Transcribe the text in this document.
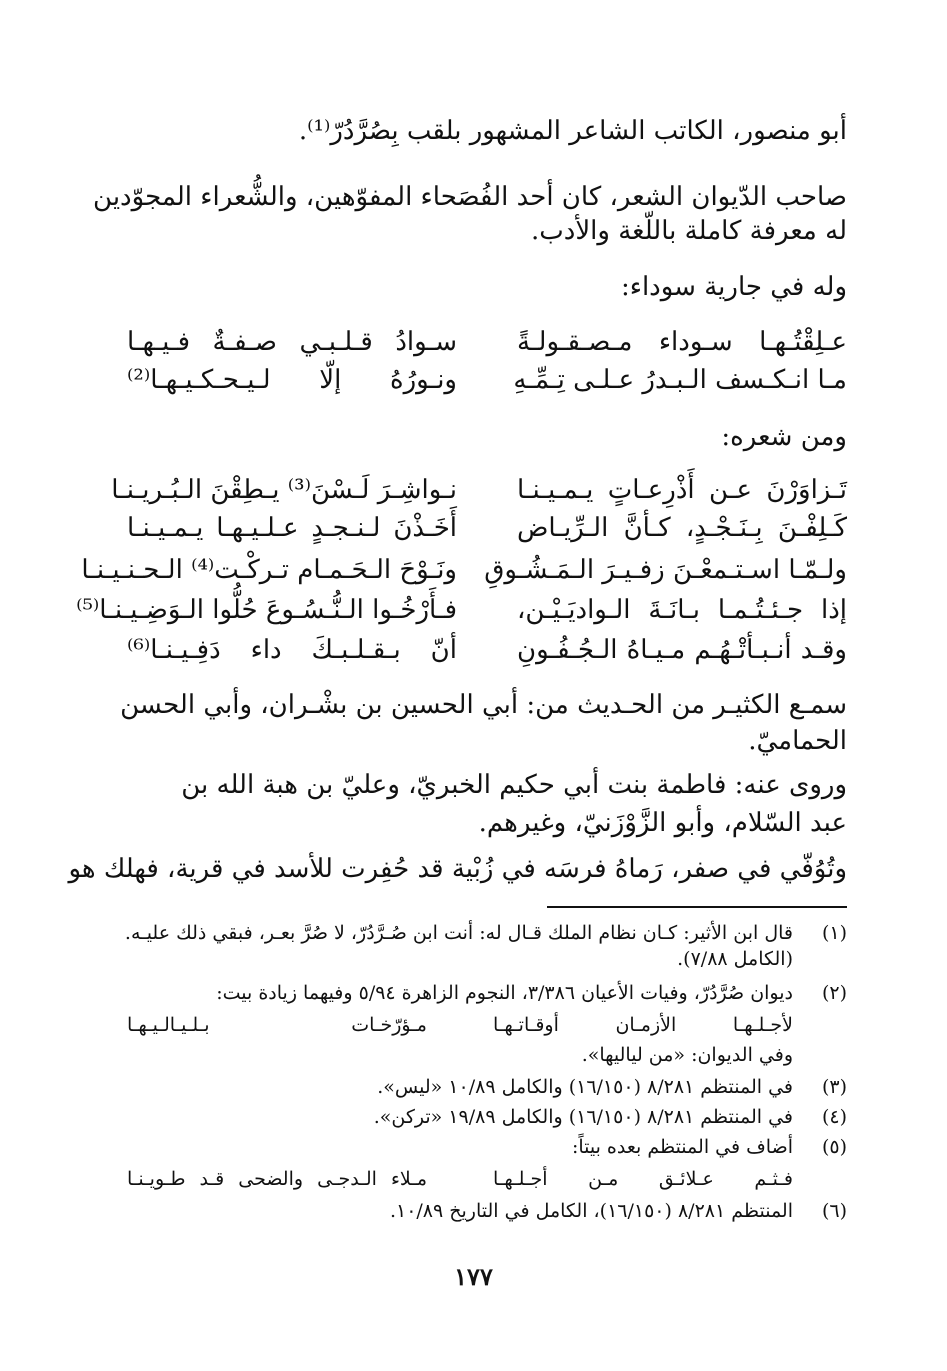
أبو منصور، الكاتب الشاعر المشهور بلقب بِصُرَّدُرّ⁽¹⁾.
صاحب الدّيوان الشعر، كان أحد الفُصَحاء المفوّهين، والشُّعراء المجوّدين
له معرفة كاملة باللّغة والأدب.
وله في جارية سوداء:
عـلِقْتُـهـا سـوداء مـصـقـولـةً
سـوادُ قـلـبـي صـفـةٌ فـيـهـا
مـا انـكـسف الـبـدرُ عـلـى تِـمِّـهِ
ونـورُهُ إلّا لـيـحـكـيـهـا⁽²⁾
ومن شعره:
تَـزاوَرْنَ عـن أَذْرِعـاتٍ يـمـيـنـا
نـواشِـرَ لَـسْنَ⁽³⁾ يـطِقْنَ الـبُـريـنـا
كَـلِفْـنَ بِـنَـجْـدٍ، كـأنَّ الـرِّيـاض
أَخَـذْنَ لـنـجـدٍ عـلـيـهـا يـمـيـنـا
ولـمّـا اسـتـمعْـنَ زفـيـرَ الـمَـشُـوقِ
ونَـوْحَ الـحَـمـام تـركْـت⁽⁴⁾ الـحـنـيـنـا
إذا جـئـتُـمـا بـانَـةَ الـواديَـيْـن،
فـأَرْخُـوا الـنُّـسُـوعَ حُلُّوا الـوَضِـيـنـا⁽⁵⁾
وقـد أنـبـأتْـهُـم مـيـاهُ الـجُـفُـونِ
أنّ بـقـلـبـكَ داء دَفِـيـنـا⁽⁶⁾
سمـع الكثيـر من الحـديث من: أبي الحسين بن بشْـران، وأبي الحسن
الحماميّ.
وروى عنه: فاطمة بنت أبي حكيم الخبريّ، وعليّ بن هبة الله بن
عبد السّلام، وأبو الزَّوْزَنيّ، وغيرهم.
وتُوُفّي في صفر، رَماهُ فرسَه في زُبْية قد حُفِرت للأسد في قرية، فهلك هو
(١)قال ابن الأثير: كـان نظام الملك قـال له: أنت ابن صُـرَّدُرّ، لا صُرَّ بعـر، فبقي ذلك عليـه.
(الكامل ٧/٨٨).
(٢)ديوان صُرَّدُرّ، وفيات الأعيان ٣/٣٨٦، النجوم الزاهرة ٥/٩٤ وفيهما زيادة بيت:
لأجـلـهـا الأزمـان أوقـاتـهـا
مـؤرّخـات بـلـيـالـيـهـا
وفي الديوان: «من لياليها».
(٣)في المنتظم ٨/٢٨١ (١٦/١٥٠) والكامل ١٠/٨٩ «ليس».
(٤)في المنتظم ٨/٢٨١ (١٦/١٥٠) والكامل ١٩/٨٩ «تركن».
(٥)أضاف في المنتظم بعده بيتاً:
فـثـم عـلائـق مـن أجـلـهـا
مـلاء الـدجـى والضحى قـد طـويـنـا
(٦)المنتظم ٨/٢٨١ (١٦/١٥٠)، الكامل في التاريخ ١٠/٨٩.
١٧٧
